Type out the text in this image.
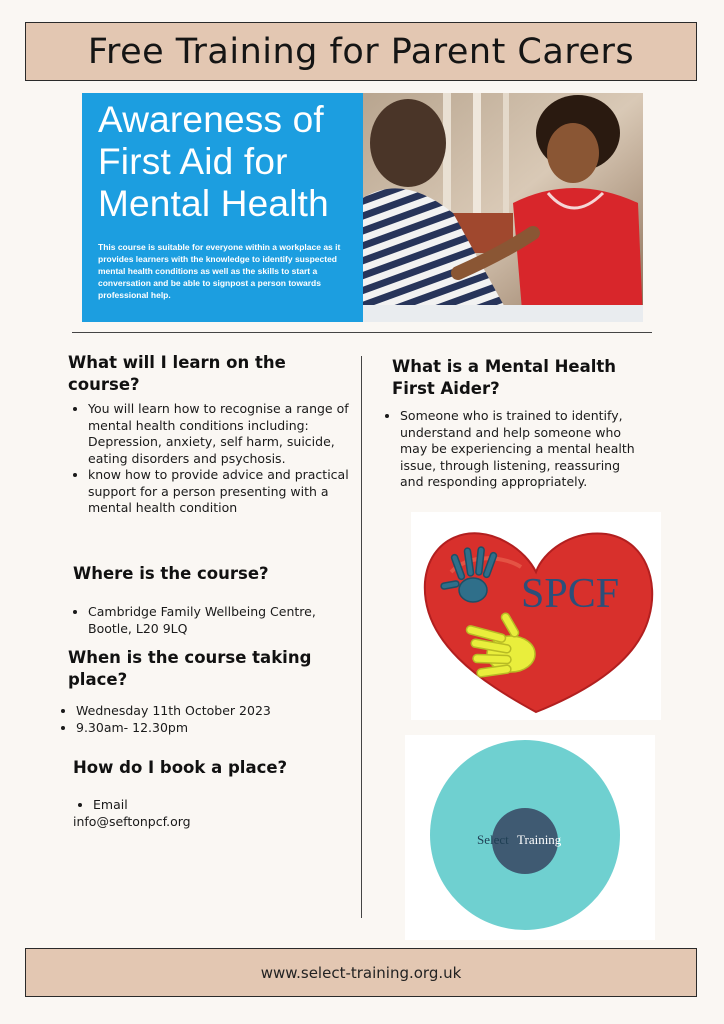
Free Training for Parent Carers

Awareness of
First Aid for
Mental Health

This course is suitable for everyone within a workplace as it provides learners with the knowledge to identify suspected mental health conditions as well as the skills to start a conversation and be able to signpost a person towards professional help.
What will I learn on the
course?
• You will learn how to recognise a range of mental health conditions including: Depression, anxiety, self harm, suicide, eating disorders and psychosis.
• know how to provide advice and practical support for a person presenting with a mental health condition
Where is the course?
• Cambridge Family Wellbeing Centre, Bootle, L20 9LQ
When is the course taking
place?
• Wednesday 11th October 2023
• 9.30am- 12.30pm
How do I book a place?
• Email
info@seftonpcf.org
What is a Mental Health
First Aider?
• Someone who is trained to identify, understand and help someone who may be experiencing a mental health issue, through listening, reassuring and responding appropriately.
SPCF
Select Training
www.select-training.org.uk
